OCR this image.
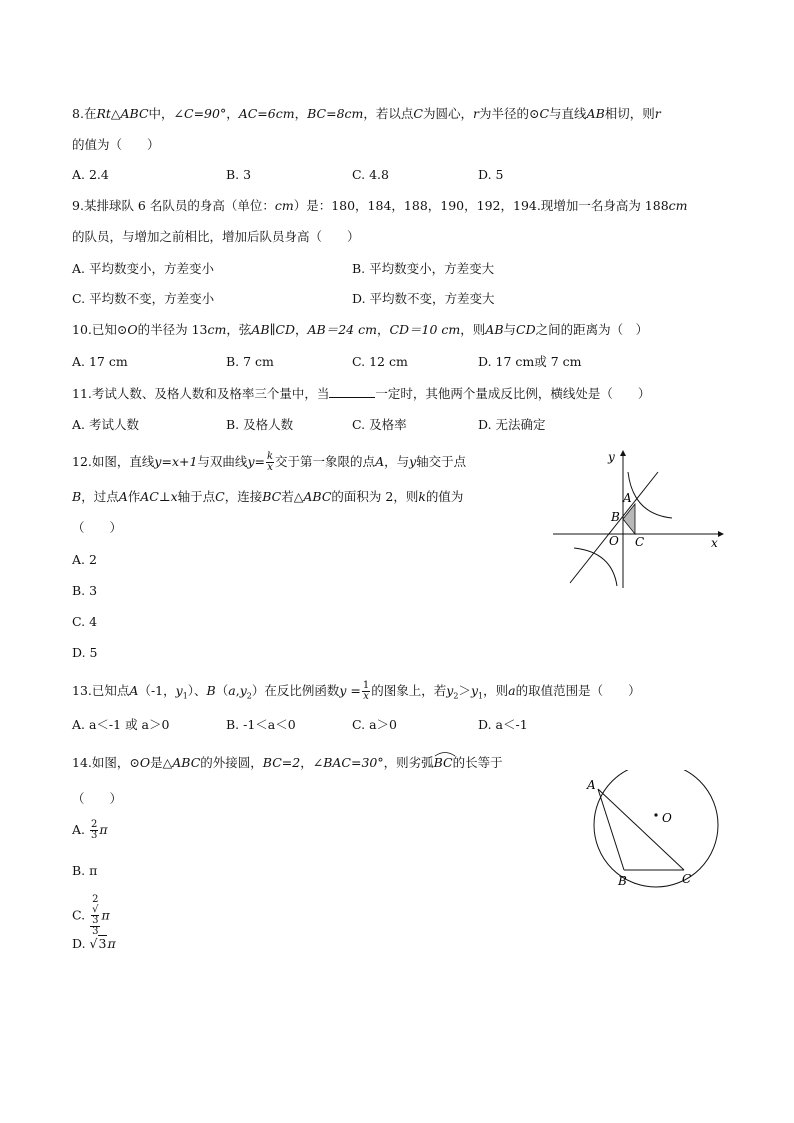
8.在Rt△ABC中，∠C=90°，AC=6cm，BC=8cm，若以点C为圆心，r为半径的⊙C与直线AB相切，则r
的值为（　　）
A. 2.4	B. 3	C. 4.8	D. 5
9.某排球队 6 名队员的身高（单位：cm）是：180，184，188，190，192，194.现增加一名身高为 188cm
的队员，与增加之前相比，增加后队员身高（　　）
A. 平均数变小，方差变小	B. 平均数变小，方差变大
C. 平均数不变，方差变小	D. 平均数不变，方差变大
10.已知⊙O的半径为 13cm，弦AB∥CD，AB＝24 cm，CD＝10 cm，则AB与CD之间的距离为（　）
A. 17 cm	B. 7 cm	C. 12 cm	D. 17 cm或 7 cm
11.考试人数、及格人数和及格率三个量中，当	一定时，其他两个量成反比例，横线处是（　　）
A. 考试人数	B. 及格人数	C. 及格率	D. 无法确定
12.如图，直线y=x+1与双曲线$y= \frac{k}{x}$ 交于第一象限的点A，与y轴交于点
B，过点A作AC⊥x轴于点C，连接BC若△ABC的面积为 2，则k的值为
（　　）
A. 2
B. 3
C. 4
D. 5
y
x
O
A
B
C
13.已知点A（-1，$y_1$）、$B(a,y_2)$在反比例函数$y = \frac{1}{x}$ 的图象上，若$y_2>y_1$，则a的取值范围是（　　）
A. a＜-1 或 a＞0	B. -1＜a＜0	C. a＞0	D. a＜-1
14.如图，⊙O是△ABC的外接圆，BC=2，∠BAC=30°，则劣弧
BC的长等于
（　　）
A. $\frac{2}{3}$ π
B. π
C. 2
√
3
3 π
D. √3π
A
B	C
O
